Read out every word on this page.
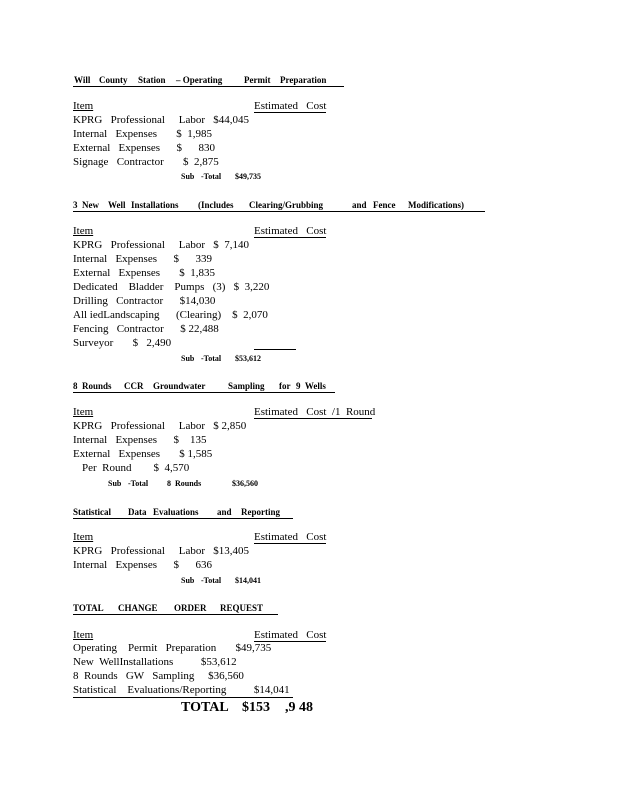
Will County Station – Operating Permit Preparation
Item	Estimated   Cost
KPRG   Professional     Labor   $44,045
Internal   Expenses       $  1,985
External   Expenses      $      830
Signage   Contractor       $  2,875
Sub -Total $49,735
3  New Well Installations (Includes Clearing/Grubbing	and Fence Modifications)
Item	Estimated   Cost
KPRG   Professional     Labor   $  7,140
Internal   Expenses      $      339
External   Expenses       $  1,835
Dedicated    Bladder    Pumps   (3)   $  3,220
Drilling   Contractor      $14,030
All iedLandscaping      (Clearing)    $  2,070
Fencing   Contractor      $ 22,488
Surveyor       $   2,490
Sub -Total $53,612
8  Rounds CCR Groundwater	Sampling for 9  Wells
Item	Estimated   Cost  /1  Round
KPRG   Professional     Labor   $ 2,850
Internal   Expenses      $    135
External   Expenses       $ 1,585
Per  Round        $  4,570
Sub -Total 8  Rounds	$36,560
Statistical Data Evaluations and Reporting
Item	Estimated   Cost
KPRG   Professional     Labor   $13,405
Internal   Expenses      $      636
Sub -Total $14,041
TOTAL CHANGE ORDER REQUEST
Item	Estimated   Cost
Operating    Permit   Preparation       $49,735
New  WellInstallations          $53,612
8  Rounds   GW   Sampling     $36,560
Statistical    Evaluations/Reporting          $14,041
TOTAL $153 ,9 48
